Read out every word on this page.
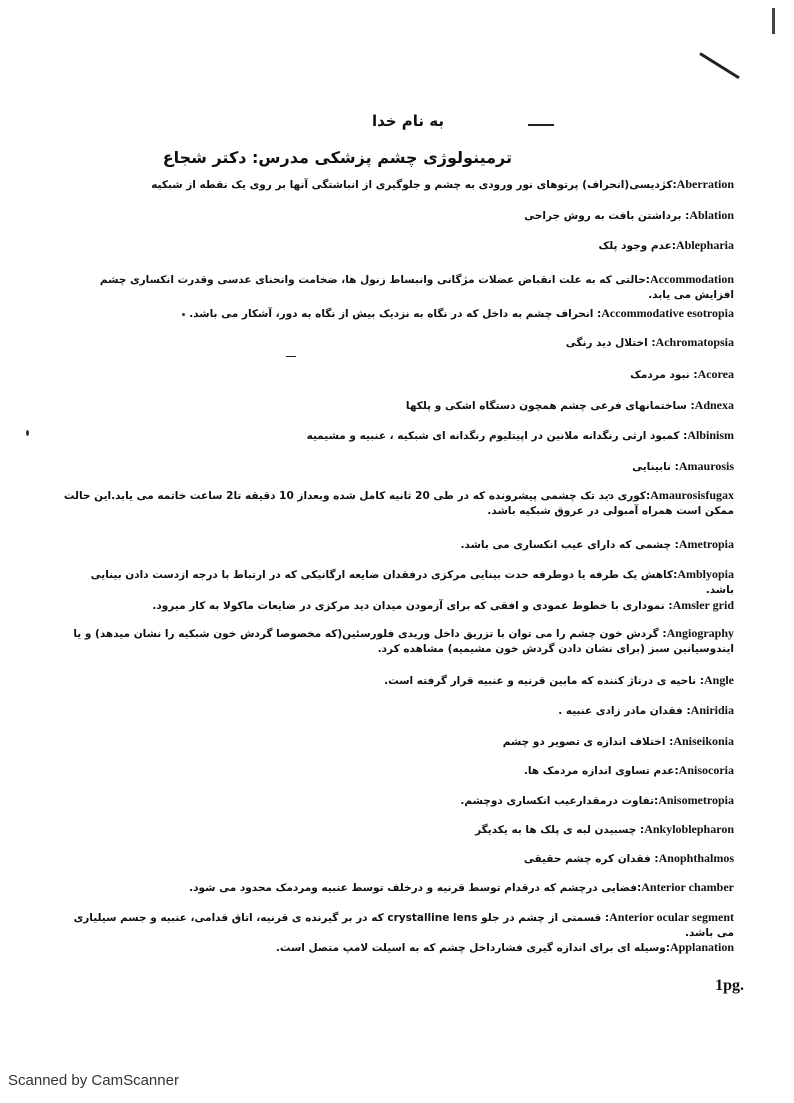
به نام خدا
ترمینولوژی چشم پزشکی مدرس: دکتر شجاع
Aberration:کژدیسی(انحراف) پرتوهای نور ورودی به چشم و جلوگیری از انباشتگی آنها بر روی یک نقطه از شبکیه
Ablation: برداشتن بافت به روش جراحی
Ablepharia:عدم وجود پلک
Accommodation:حالتی که به علت انقباض عضلات مژگانی وانبساط زنول ها، ضخامت وانحنای عدسی وقدرت انکساری چشم افزایش می یابد.
Accommodative esotropia: انحراف چشم به داخل که در نگاه به نزدیک بیش از نگاه به دور، آشکار می باشد.
Achromatopsia: اختلال دید رنگی
Acorea: نبود مردمک
Adnexa: ساختمانهای فرعی چشم همچون دستگاه اشکی و پلکها
Albinism: کمبود ارثی رنگدانه ملانین در اپیتلیوم رنگدانه ای شبکیه ، عنبیه و مشیمیه
Amaurosis: نابینایی
Amaurosisfugax:کوری دید تک چشمی پیشرونده که در طی 20 ثانیه کامل شده وبعداز 10 دقیقه تا2 ساعت خاتمه می یابد.این حالت ممکن است همراه آمبولی در عروق شبکیه باشد.
Ametropia: چشمی که دارای عیب انکساری می باشد.
Amblyopia:کاهش یک طرفه یا دوطرفه حدت بینایی مرکزی درفقدان ضایعه ارگانیکی که در ارتباط با درجه ازدست دادن بینایی باشد.
Amsler grid: نموداری با خطوط عمودی و افقی که برای آزمودن میدان دید مرکزی در ضایعات ماکولا به کار میرود.
Angiography: گردش خون چشم را می توان با تزریق داخل وریدی فلورسئین(که مخصوصا گردش خون شبکیه را نشان میدهد) و یا ایندوسیانین سبز (برای نشان دادن گردش خون مشیمیه) مشاهده کرد.
Angle: ناحیه ی درناژ کننده که مابین قرنیه و عنبیه قرار گرفته است.
Aniridia: فقدان مادر زادی عنبیه .
Aniseikonia: اختلاف اندازه ی تصویر دو چشم
Anisocoria:عدم تساوی اندازه مردمک ها.
Anisometropia:تفاوت درمقدارعیب انکساری دوچشم.
Ankyloblepharon: چسبیدن لبه ی پلک ها به یکدیگر
Anophthalmos: فقدان کره چشم حقیقی
Anterior chamber:فضایی درچشم که درقدام توسط قرنیه و درخلف توسط عنبیه ومردمک محدود می شود.
Anterior ocular segment: قسمتی از چشم در جلو crystalline lens که در بر گیرنده ی قرنیه، اتاق قدامی، عنبیه و جسم سیلیاری می باشد.
Applanation:وسیله ای برای اندازه گیری فشارداخل چشم که به اسیلت لامپ متصل است.
1pg.
Scanned by CamScanner
